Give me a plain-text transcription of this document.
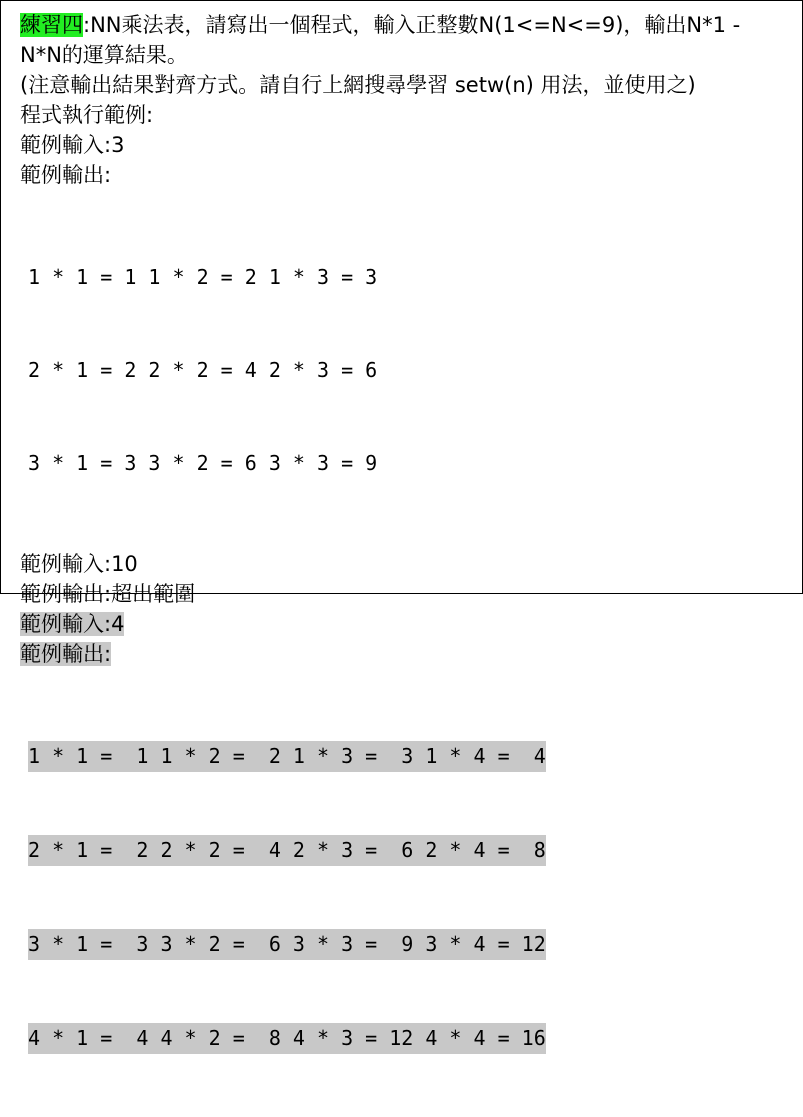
練習四:NN乘法表，請寫出一個程式，輸入正整數N(1<=N<=9)，輸出N*1 -
N*N的運算結果。
(注意輸出結果對齊方式。請自行上網搜尋學習 setw(n) 用法，並使用之)
程式執行範例:
範例輸入:3
範例輸出:

1 * 1 = 1 1 * 2 = 2 1 * 3 = 3

2 * 1 = 2 2 * 2 = 4 2 * 3 = 6

3 * 1 = 3 3 * 2 = 6 3 * 3 = 9

範例輸入:10
範例輸出:超出範圍
範例輸入:4
範例輸出:

1 * 1 =  1 1 * 2 =  2 1 * 3 =  3 1 * 4 =  4

2 * 1 =  2 2 * 2 =  4 2 * 3 =  6 2 * 4 =  8

3 * 1 =  3 3 * 2 =  6 3 * 3 =  9 3 * 4 = 12

4 * 1 =  4 4 * 2 =  8 4 * 3 = 12 4 * 4 = 16
